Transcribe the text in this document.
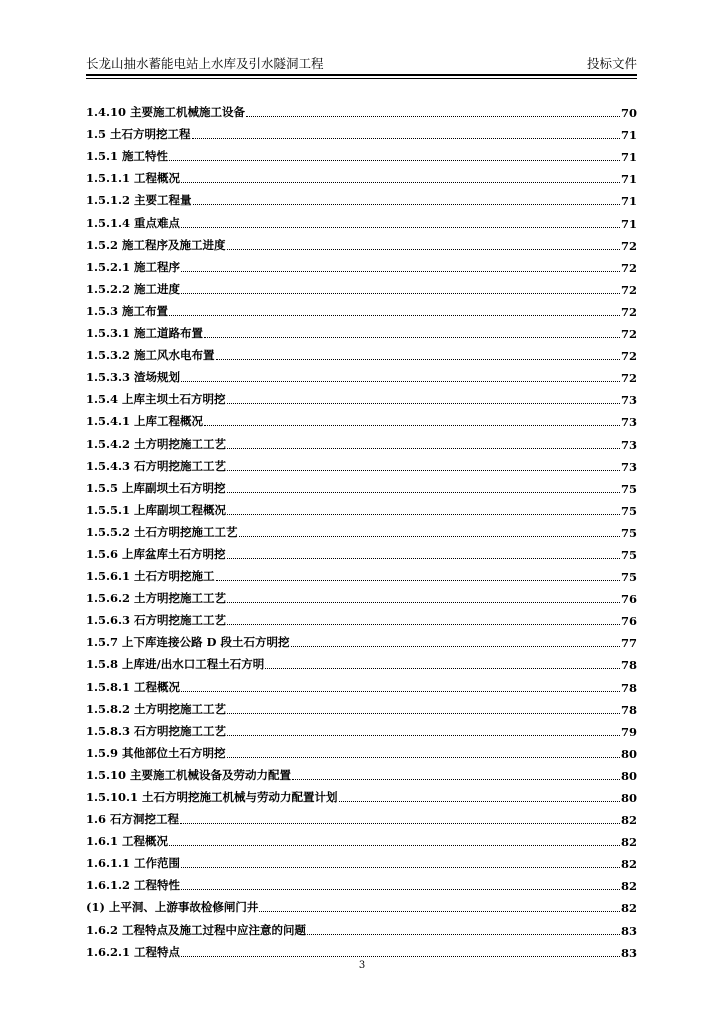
长龙山抽水蓄能电站上水库及引水隧洞工程	投标文件
1.4.10 主要施工机械施工设备	70
1.5 土石方明挖工程	71
1.5.1 施工特性	71
1.5.1.1 工程概况	71
1.5.1.2 主要工程量	71
1.5.1.4 重点难点	71
1.5.2 施工程序及施工进度	72
1.5.2.1 施工程序	72
1.5.2.2 施工进度	72
1.5.3 施工布置	72
1.5.3.1 施工道路布置	72
1.5.3.2 施工风水电布置	72
1.5.3.3 渣场规划	72
1.5.4 上库主坝土石方明挖	73
1.5.4.1 上库工程概况	73
1.5.4.2 土方明挖施工工艺	73
1.5.4.3 石方明挖施工工艺	73
1.5.5 上库副坝土石方明挖	75
1.5.5.1 上库副坝工程概况	75
1.5.5.2 土石方明挖施工工艺	75
1.5.6 上库盆库土石方明挖	75
1.5.6.1 土石方明挖施工	75
1.5.6.2 土方明挖施工工艺	76
1.5.6.3 石方明挖施工工艺	76
1.5.7 上下库连接公路 D 段土石方明挖	77
1.5.8 上库进/出水口工程土石方明	78
1.5.8.1 工程概况	78
1.5.8.2 土方明挖施工工艺	78
1.5.8.3 石方明挖施工工艺	79
1.5.9 其他部位土石方明挖	80
1.5.10 主要施工机械设备及劳动力配置	80
1.5.10.1 土石方明挖施工机械与劳动力配置计划	80
1.6 石方洞挖工程	82
1.6.1 工程概况	82
1.6.1.1 工作范围	82
1.6.1.2 工程特性	82
(1) 上平洞、上游事故检修闸门井	82
1.6.2 工程特点及施工过程中应注意的问题	83
1.6.2.1 工程特点	83
3
